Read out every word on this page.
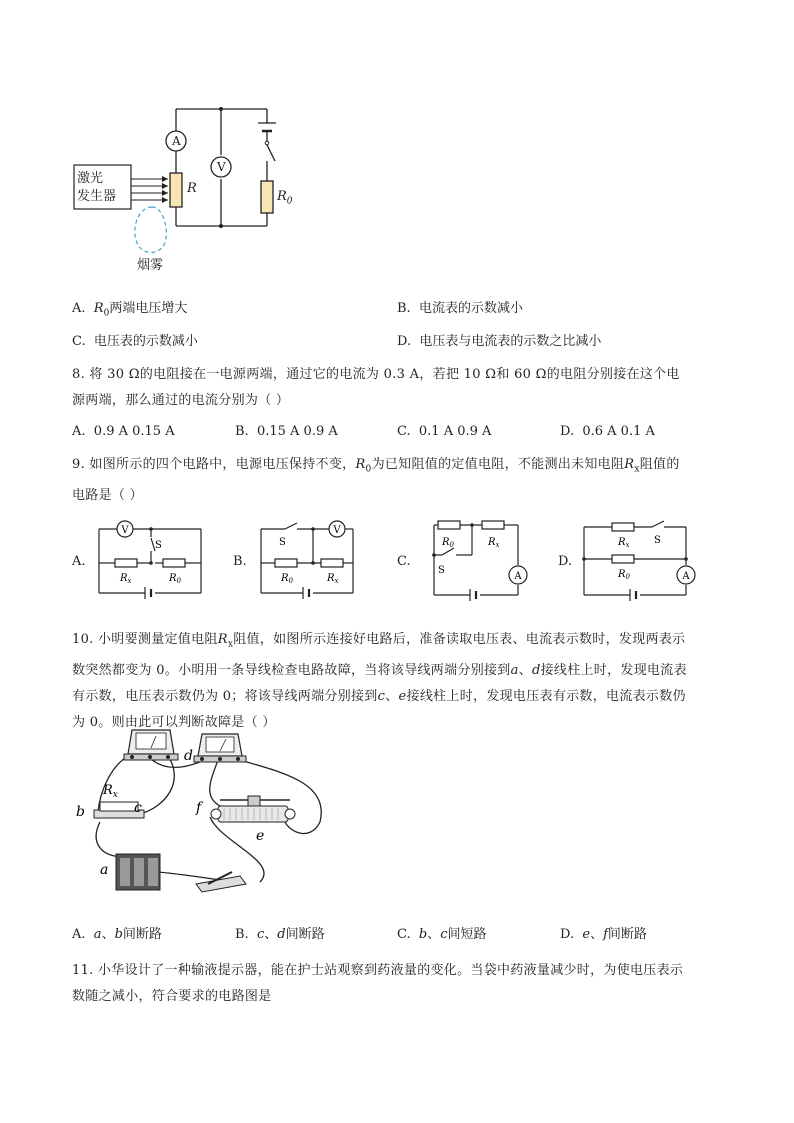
激光
发生器
烟雾
A
V
R
$R_0$
A. $R_0$两端电压增大	B. 电流表的示数减小
C. 电压表的示数减小	D. 电压表与电流表的示数之比减小
8. 将 30 Ω的电阻接在一电源两端，通过它的电流为 0.3 A，若把 10 Ω和 60 Ω的电阻分别接在这个电
源两端，那么通过的电流分别为（ ）
A. 0.9 A 0.15 A	B. 0.15 A 0.9 A	C. 0.1 A 0.9 A	D. 0.6 A 0.1 A
9. 如图所示的四个电路中，电源电压保持不变，$R_0$为已知阻值的定值电阻，不能测出未知电阻$R_x$阻值的
电路是（ ）
A.	B.	C.	D.
V
S
$R_x$	$R_0$
V
S
$R_0$	$R_x$	A
$R_0$	$R_x$
S
A
S
$R_x$
$R_0$
10. 小明要测量定值电阻$R_x$阻值，如图所示连接好电路后，准备读取电压表、电流表示数时，发现两表示
数突然都变为 0。小明用一条导线检查电路故障，当将该导线两端分别接到a、d接线柱上时，发现电流表
有示数，电压表示数仍为 0；将该导线两端分别接到c、e接线柱上时，发现电压表有示数，电流表示数仍
为 0。则由此可以判断故障是（ ）
$R_x$
b	c
d
f
e
a
A. a、b间断路	B. c、d间断路	C. b、c间短路	D. e、f间断路
11. 小华设计了一种输液提示器，能在护士站观察到药液量的变化。当袋中药液量减少时，为使电压表示
数随之减小，符合要求的电路图是
